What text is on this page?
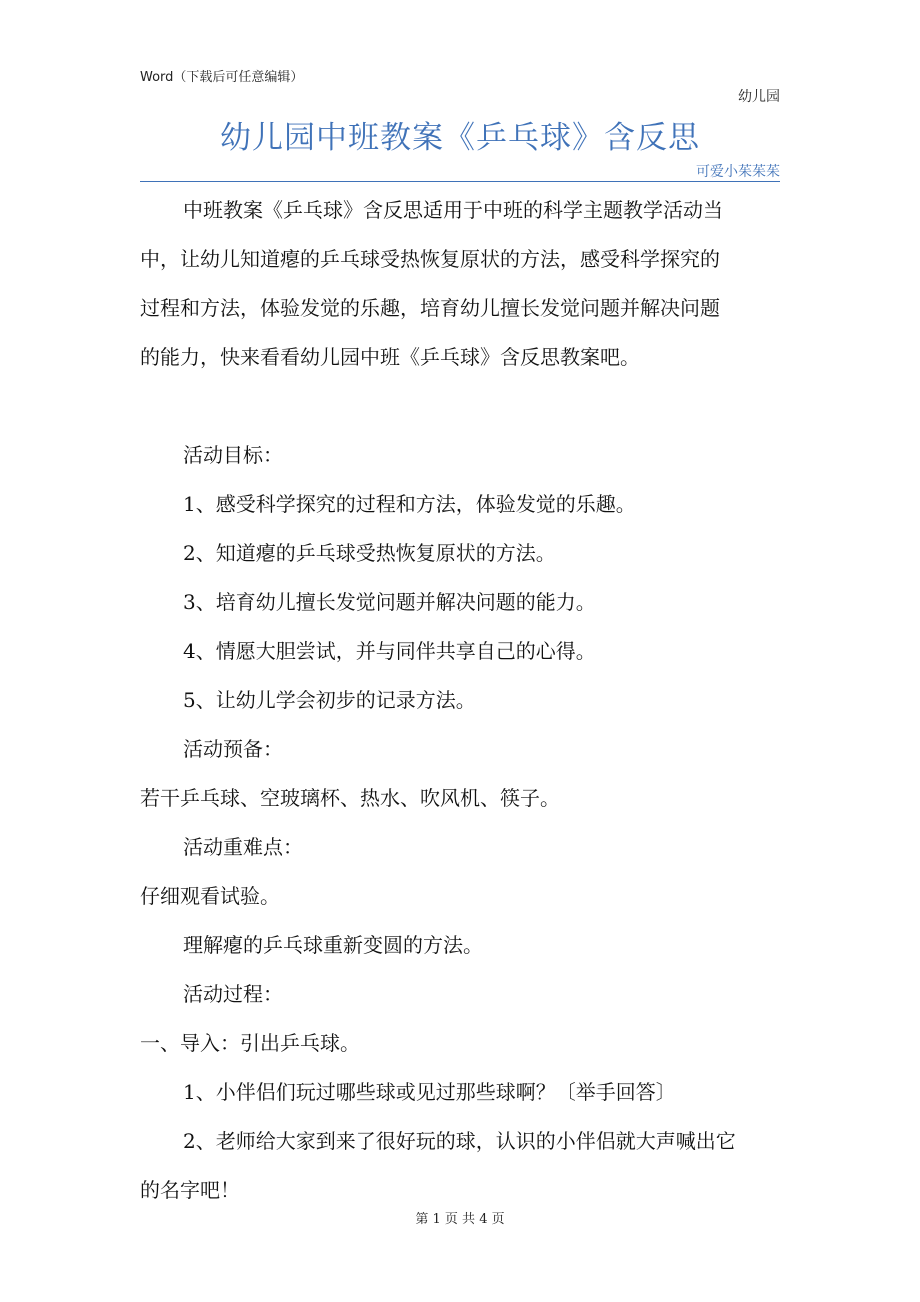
Word（下载后可任意编辑）
幼儿园
幼儿园中班教案《乒乓球》含反思
可爱小茱茱茱

中班教案《乒乓球》含反思适用于中班的科学主题教学活动当

中，让幼儿知道瘪的乒乓球受热恢复原状的方法，感受科学探究的

过程和方法，体验发觉的乐趣，培育幼儿擅长发觉问题并解决问题

的能力，快来看看幼儿园中班《乒乓球》含反思教案吧。

活动目标：

1、感受科学探究的过程和方法，体验发觉的乐趣。

2、知道瘪的乒乓球受热恢复原状的方法。

3、培育幼儿擅长发觉问题并解决问题的能力。

4、情愿大胆尝试，并与同伴共享自己的心得。

5、让幼儿学会初步的记录方法。

活动预备：

若干乒乓球、空玻璃杯、热水、吹风机、筷子。

活动重难点：

仔细观看试验。

理解瘪的乒乓球重新变圆的方法。

活动过程：

一、导入：引出乒乓球。

1、小伴侣们玩过哪些球或见过那些球啊？〔举手回答〕

2、老师给大家到来了很好玩的球，认识的小伴侣就大声喊出它

的名字吧！

第 1 页 共 4 页
